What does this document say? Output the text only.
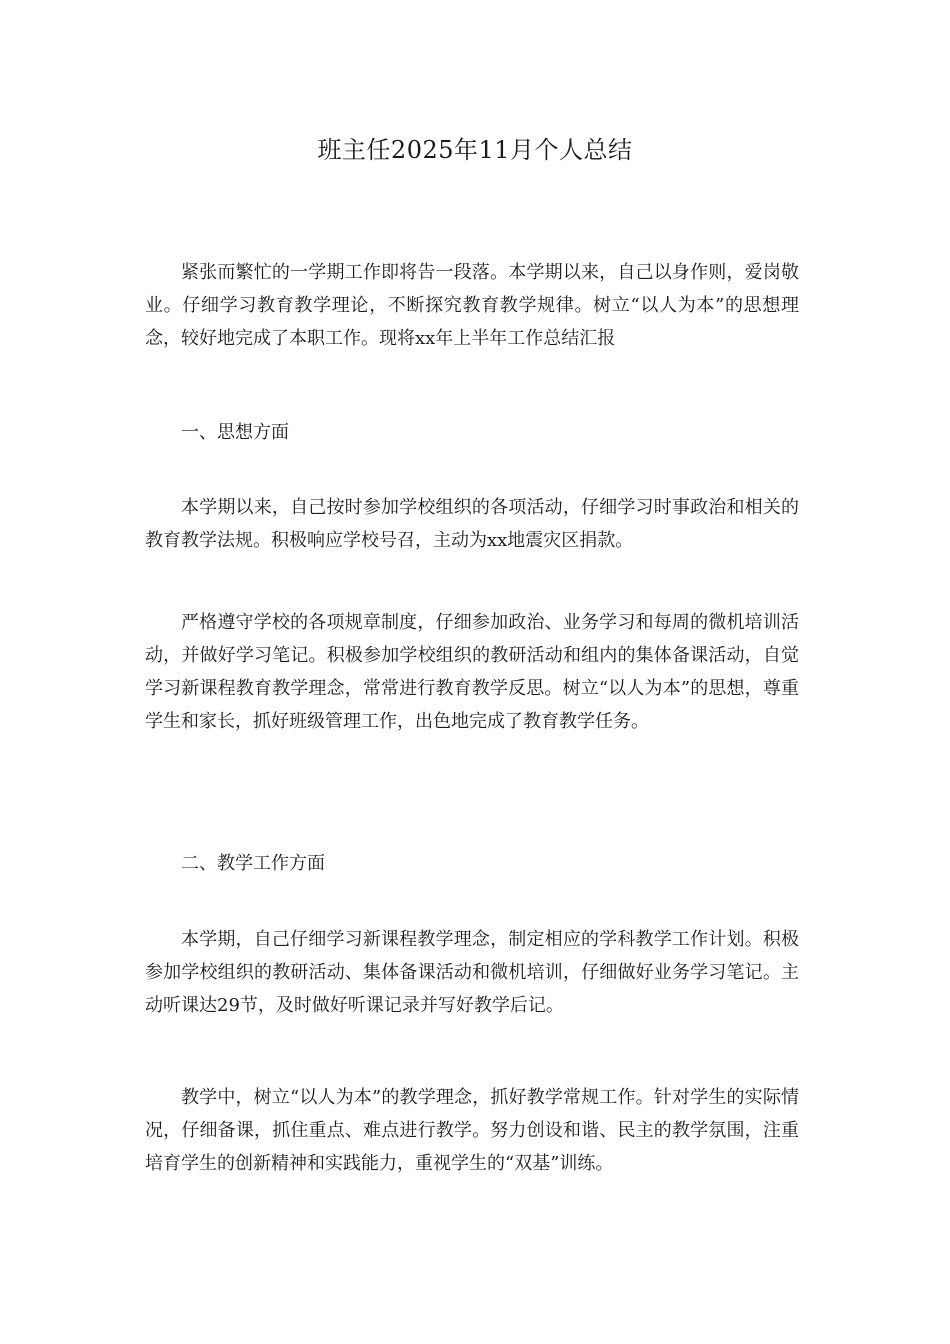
班主任2025年11月个人总结

紧张而繁忙的一学期工作即将告一段落。本学期以来，自己以身作则，爱岗敬业。仔细学习教育教学理论，不断探究教育教学规律。树立“以人为本”的思想理念，较好地完成了本职工作。现将xx年上半年工作总结汇报

一、思想方面

本学期以来，自己按时参加学校组织的各项活动，仔细学习时事政治和相关的教育教学法规。积极响应学校号召，主动为xx地震灾区捐款。

严格遵守学校的各项规章制度，仔细参加政治、业务学习和每周的微机培训活动，并做好学习笔记。积极参加学校组织的教研活动和组内的集体备课活动，自觉学习新课程教育教学理念，常常进行教育教学反思。树立“以人为本”的思想，尊重学生和家长，抓好班级管理工作，出色地完成了教育教学任务。

二、教学工作方面

本学期，自己仔细学习新课程教学理念，制定相应的学科教学工作计划。积极参加学校组织的教研活动、集体备课活动和微机培训，仔细做好业务学习笔记。主动听课达29节，及时做好听课记录并写好教学后记。

教学中，树立“以人为本”的教学理念，抓好教学常规工作。针对学生的实际情况，仔细备课，抓住重点、难点进行教学。努力创设和谐、民主的教学氛围，注重培育学生的创新精神和实践能力，重视学生的“双基”训练。
